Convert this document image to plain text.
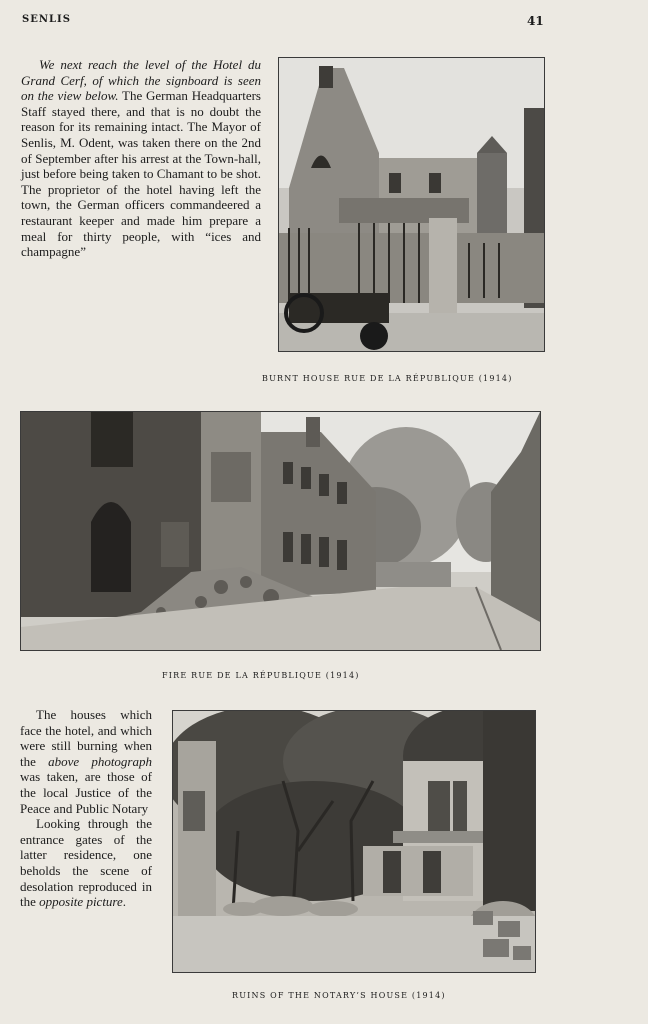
SENLIS	41

We next reach the level of the Hotel du Grand Cerf, of which the signboard is seen on the view below. The German Headquarters Staff stayed there, and that is no doubt the reason for its remaining intact. The Mayor of Senlis, M. Odent, was taken there on the 2nd of September after his arrest at the Town-hall, just before being taken to Chamant to be shot. The proprietor of the hotel having left the town, the German officers commandeered a restaurant keeper and made him prepare a meal for thirty people, with “ices and champagne”

BURNT HOUSE RUE DE LA RÉPUBLIQUE (1914)
FIRE RUE DE LA RÉPUBLIQUE (1914)

The houses which face the hotel, and which were still burning when the above photograph was taken, are those of the local Justice of the Peace and Public Notary

Looking through the entrance gates of the latter residence, one beholds the scene of desolation reproduced in the opposite picture.

RUINS OF THE NOTARY’S HOUSE (1914)
